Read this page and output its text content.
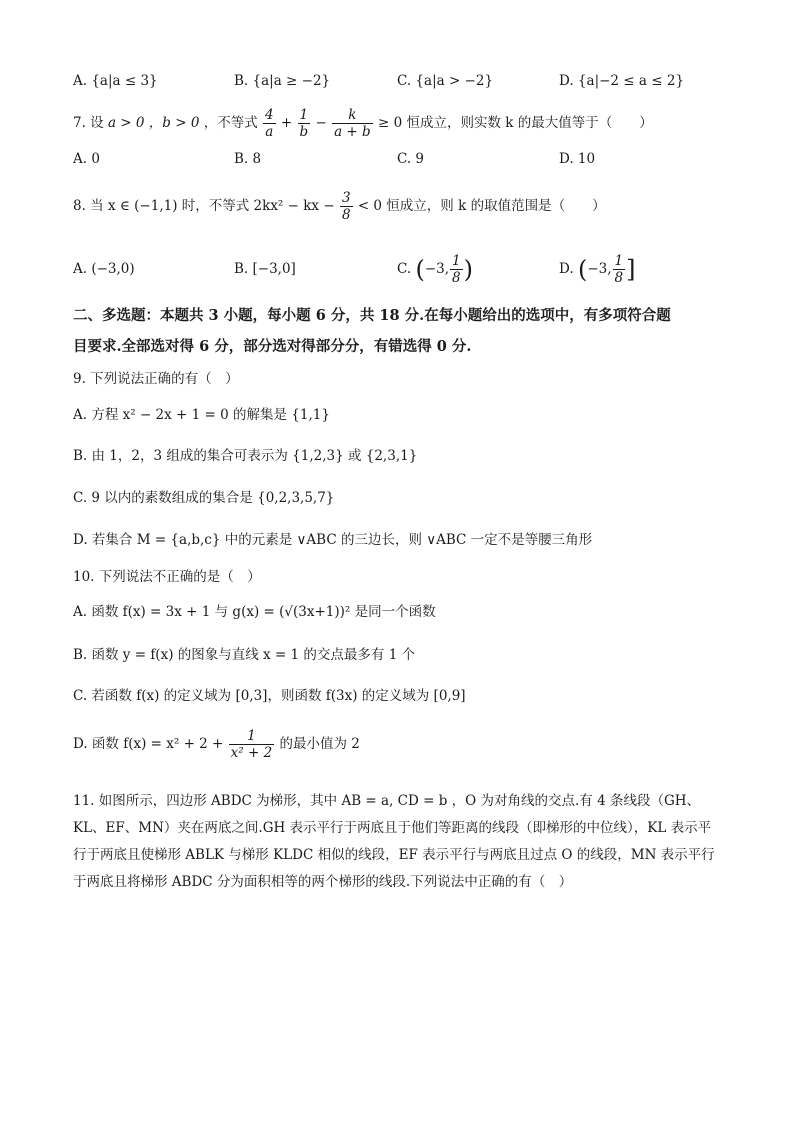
A. {a|a ≤ 3}	B. {a|a ≥ −2}	C. {a|a > −2}	D. {a|−2 ≤ a ≤ 2}
7. 设 a > 0 ，b > 0 ，不等式 $\frac{4}{a} + \frac{1}{b} - \frac{k}{a + b} \ge 0$ 恒成立，则实数 k 的最大值等于（　　）
A. 0	B. 8	C. 9	D. 10
8. 当 x ∈ (−1,1) 时，不等式 2kx² − kx − $\frac{3}{8} < 0$ 恒成立，则 k 的取值范围是（　　）
A. (−3,0)	B. [−3,0]	C. (−3, $\frac{1}{8}$ )	D. (−3, $\frac{1}{8}$ ]
二、多选题：本题共 3 小题，每小题 6 分，共 18 分.在每小题给出的选项中，有多项符合题
目要求.全部选对得 6 分，部分选对得部分分，有错选得 0 分.
9. 下列说法正确的有（　）
A. 方程 x² − 2x + 1 = 0 的解集是 {1,1}
B. 由 1，2，3 组成的集合可表示为 {1,2,3} 或 {2,3,1}
C. 9 以内的素数组成的集合是 {0,2,3,5,7}
D. 若集合 M = {a,b,c} 中的元素是 ∨ABC 的三边长，则 ∨ABC 一定不是等腰三角形
10. 下列说法不正确的是（　）
A. 函数 f(x) = 3x + 1 与 g(x) = (√(3x+1))² 是同一个函数
B. 函数 y = f(x) 的图象与直线 x = 1 的交点最多有 1 个
C. 若函数 f(x) 的定义域为 [0,3]，则函数 f(3x) 的定义域为 [0,9]
D. 函数 $f(x) = x^2 + 2 + \frac{1}{\text{x² + 2}}$ 的最小值为 2
11. 如图所示，四边形 ABDC 为梯形，其中 AB = a, CD = b ，O 为对角线的交点.有 4 条线段（GH、KL、EF、MN）夹在两底之间.GH 表示平行于两底且于他们等距离的线段（即梯形的中位线），KL 表示平行于两底且使梯形 ABLK 与梯形 KLDC 相似的线段，EF 表示平行与两底且过点 O 的线段，MN 表示平行于两底且将梯形 ABDC 分为面积相等的两个梯形的线段.下列说法中正确的有（　）
